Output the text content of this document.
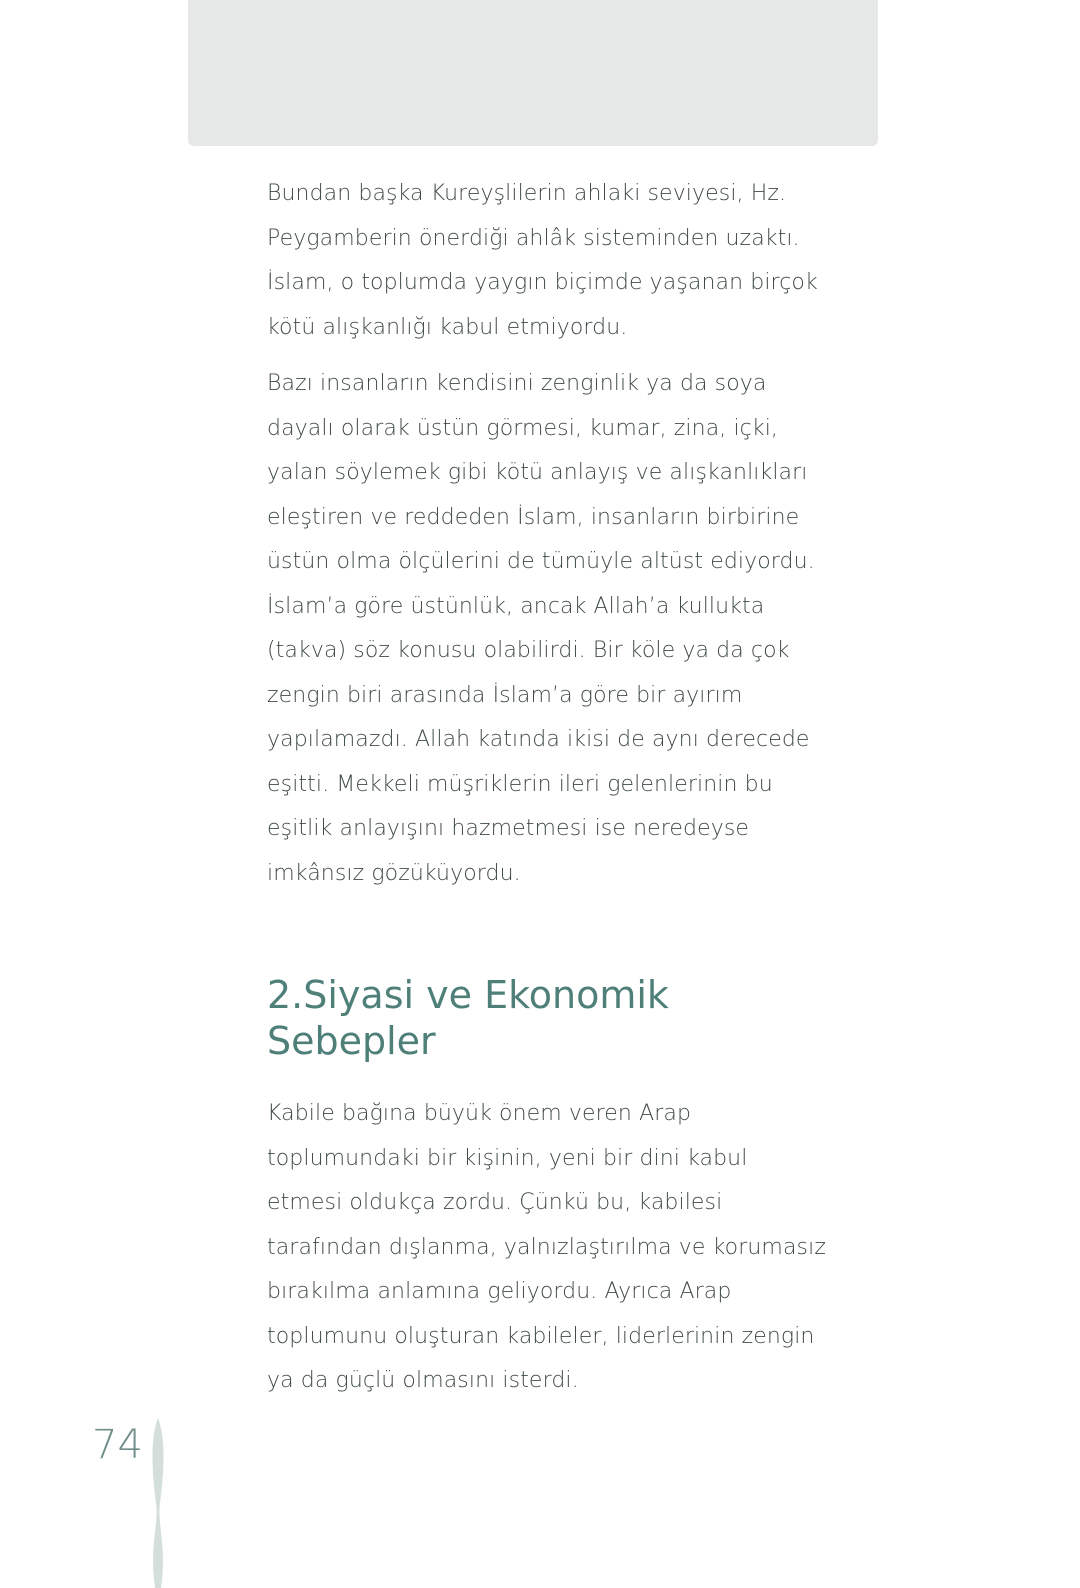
Bundan başka Kureyşlilerin ahlaki seviyesi, Hz. Peygamberin önerdiği ahlâk sisteminden uzaktı. İslam, o toplumda yaygın biçimde yaşanan birçok kötü alışkanlığı kabul etmiyordu.

Bazı insanların kendisini zenginlik ya da soya dayalı olarak üstün görmesi, kumar, zina, içki, yalan söylemek gibi kötü anlayış ve alışkanlıkları eleştiren ve reddeden İslam, insanların birbirine üstün olma ölçülerini de tümüyle altüst ediyordu. İslam’a göre üstünlük, ancak Allah’a kullukta (takva) söz konusu olabilirdi. Bir köle ya da çok zengin biri arasında İslam’a göre bir ayırım yapılamazdı. Allah katında ikisi de aynı derecede eşitti. Mekkeli müşriklerin ileri gelenlerinin bu eşitlik anlayışını hazmetmesi ise neredeyse imkânsız gözüküyordu.

2.Siyasi ve Ekonomik Sebepler

Kabile bağına büyük önem veren Arap toplumundaki bir kişinin, yeni bir dini kabul etmesi oldukça zordu. Çünkü bu, kabilesi tarafından dışlanma, yalnızlaştırılma ve korumasız bırakılma anlamına geliyordu. Ayrıca Arap toplumunu oluşturan kabileler, liderlerinin zengin ya da güçlü olmasını isterdi.

74
